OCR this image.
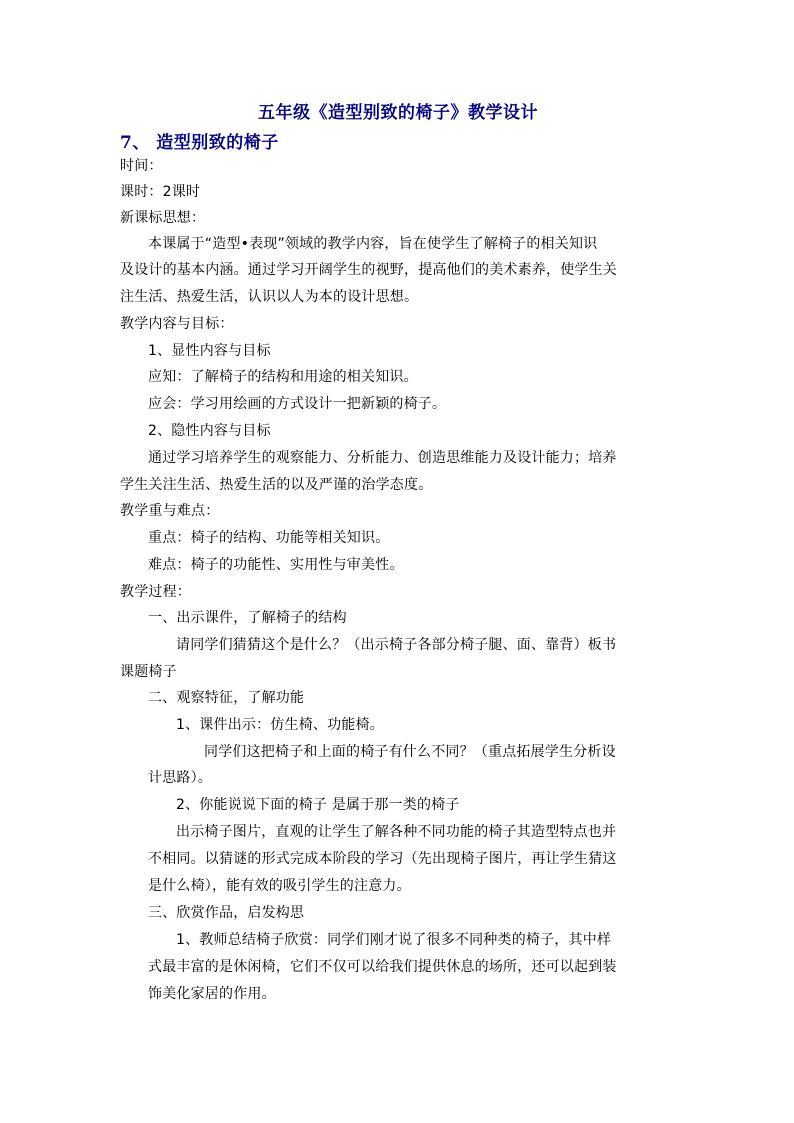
五年级《造型别致的椅子》教学设计
7、 造型别致的椅子
时间：
课时：2课时
新课标思想：
本课属于“造型•表现”领域的教学内容，旨在使学生了解椅子的相关知识
及设计的基本内涵。通过学习开阔学生的视野，提高他们的美术素养，使学生关
注生活、热爱生活，认识以人为本的设计思想。
教学内容与目标：
1、显性内容与目标
应知：了解椅子的结构和用途的相关知识。
应会：学习用绘画的方式设计一把新颖的椅子。
2、隐性内容与目标
通过学习培养学生的观察能力、分析能力、创造思维能力及设计能力；培养
学生关注生活、热爱生活的以及严谨的治学态度。
教学重与难点：
重点：椅子的结构、功能等相关知识。
难点：椅子的功能性、实用性与审美性。
教学过程：
一、出示课件，了解椅子的结构
请同学们猜猜这个是什么？（出示椅子各部分椅子腿、面、靠背）板书
课题椅子
二、观察特征，了解功能
1、课件出示：仿生椅、功能椅。
同学们这把椅子和上面的椅子有什么不同？（重点拓展学生分析设
计思路）。
2、你能说说下面的椅子 是属于那一类的椅子
出示椅子图片，直观的让学生了解各种不同功能的椅子其造型特点也并
不相同。以猜谜的形式完成本阶段的学习（先出现椅子图片，再让学生猜这
是什么椅），能有效的吸引学生的注意力。
三、欣赏作品，启发构思
1、教师总结椅子欣赏：同学们刚才说了很多不同种类的椅子，其中样
式最丰富的是休闲椅，它们不仅可以给我们提供休息的场所，还可以起到装
饰美化家居的作用。
